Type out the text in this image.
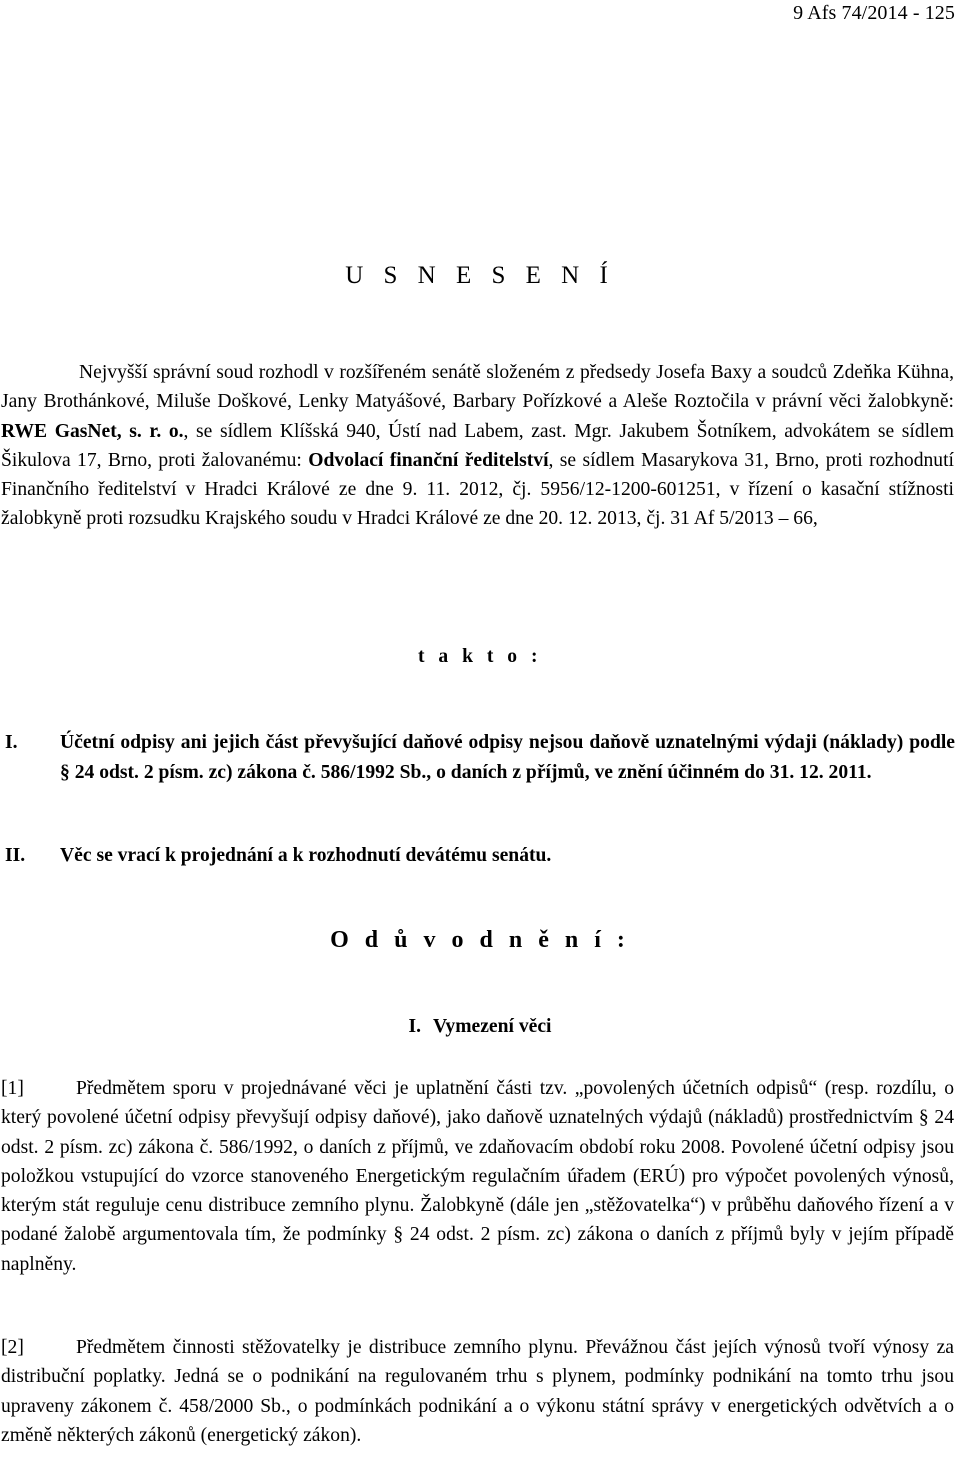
9 Afs 74/2014 - 125
U S N E S E N Í

Nejvyšší správní soud rozhodl v rozšířeném senátě složeném z předsedy Josefa Baxy a soudců Zdeňka Kühna, Jany Brothánkové, Miluše Doškové, Lenky Matyášové, Barbary Pořízkové a Aleše Roztočila v právní věci žalobkyně: RWE GasNet, s. r. o., se sídlem Klíšská 940, Ústí nad Labem, zast. Mgr. Jakubem Šotníkem, advokátem se sídlem Šikulova 17, Brno, proti žalovanému: Odvolací finanční ředitelství, se sídlem Masarykova 31, Brno, proti rozhodnutí Finančního ředitelství v Hradci Králové ze dne 9. 11. 2012, čj. 5956/12-1200-601251, v řízení o kasační stížnosti žalobkyně proti rozsudku Krajského soudu v Hradci Králové ze dne 20. 12. 2013, čj. 31 Af 5/2013 – 66,

t a k t o :

I. Účetní odpisy ani jejich část převyšující daňové odpisy nejsou daňově uznatelnými výdaji (náklady) podle § 24 odst. 2 písm. zc) zákona č. 586/1992 Sb., o daních z příjmů, ve znění účinném do 31. 12. 2011.
II. Věc se vrací k projednání a k rozhodnutí devátému senátu.
O d ů v o d n ě n í :
I. Vymezení věci

[1]	Předmětem sporu v projednávané věci je uplatnění části tzv. „povolených účetních odpisů“ (resp. rozdílu, o který povolené účetní odpisy převyšují odpisy daňové), jako daňově uznatelných výdajů (nákladů) prostřednictvím § 24 odst. 2 písm. zc) zákona č. 586/1992, o daních z příjmů, ve zdaňovacím období roku 2008. Povolené účetní odpisy jsou položkou vstupující do vzorce stanoveného Energetickým regulačním úřadem (ERÚ) pro výpočet povolených výnosů, kterým stát reguluje cenu distribuce zemního plynu. Žalobkyně (dále jen „stěžovatelka“) v průběhu daňového řízení a v podané žalobě argumentovala tím, že podmínky § 24 odst. 2 písm. zc) zákona o daních z příjmů byly v jejím případě naplněny.

[2]	Předmětem činnosti stěžovatelky je distribuce zemního plynu. Převážnou část jejích výnosů tvoří výnosy za distribuční poplatky. Jedná se o podnikání na regulovaném trhu s plynem, podmínky podnikání na tomto trhu jsou upraveny zákonem č. 458/2000 Sb., o podmínkách podnikání a o výkonu státní správy v energetických odvětvích a o změně některých zákonů (energetický zákon).
